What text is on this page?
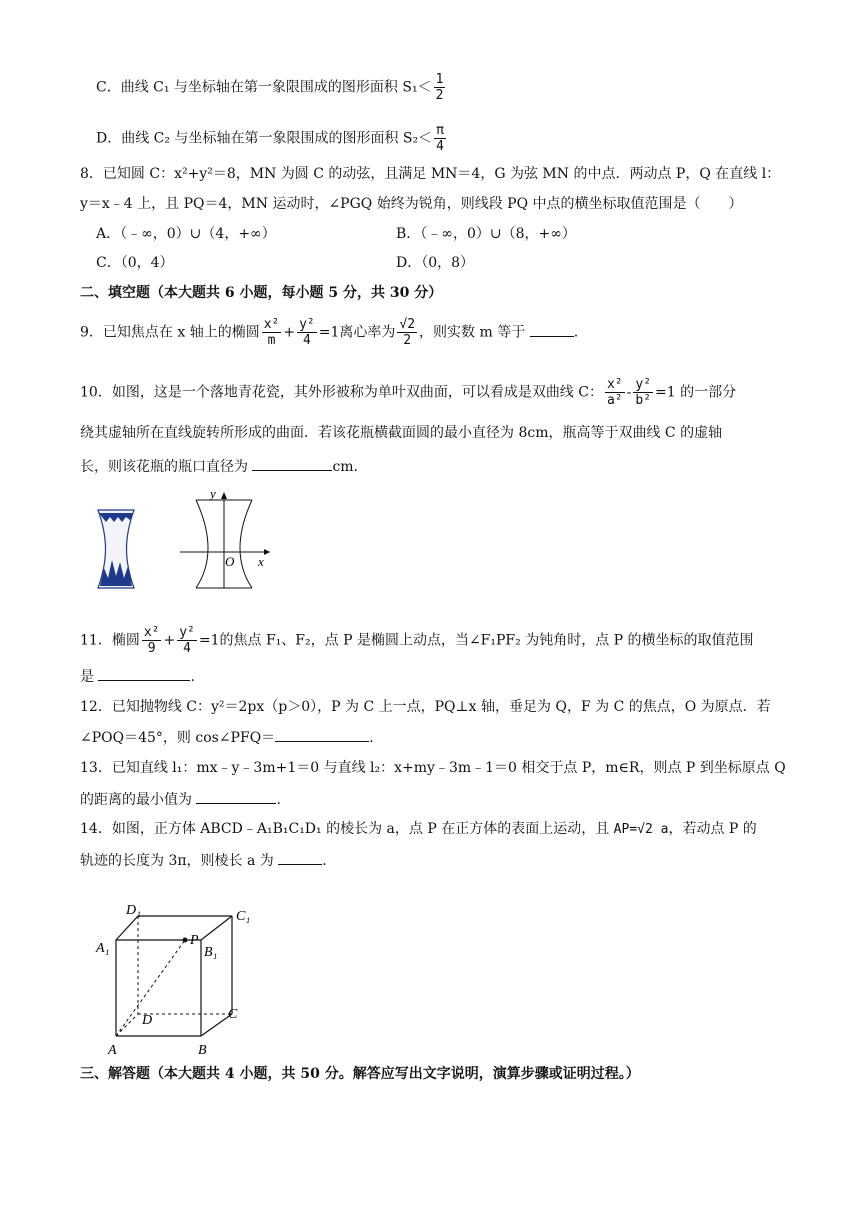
C．曲线 C₁ 与坐标轴在第一象限围成的图形面积 $S_1< \frac{1}{2}$
D．曲线 C₂ 与坐标轴在第一象限围成的图形面积 $S_2< \frac{\pi}{4}$
8．已知圆 C：x²+y²＝8，MN 为圆 C 的动弦，且满足 MN＝4，G 为弦 MN 的中点．两动点 P，Q 在直线 l：
y＝x﹣4 上，且 PQ＝4，MN 运动时，∠PGQ 始终为锐角，则线段 PQ 中点的横坐标取值范围是（　　）
A．（﹣∞，0）∪（4，+∞）	B．（﹣∞，0）∪（8，+∞）
C．（0，4）	D．（0，8）
二、填空题（本大题共 6 小题，每小题 5 分，共 30 分）
9．已知焦点在 x 轴上的椭圆 $\frac{\text{x²}}{m} + \frac{\text{y²}}{4} =1$离心率为 $\frac{√2}{2}$ ，则实数 m 等于	.
10．如图，这是一个落地青花瓷，其外形被称为单叶双曲面，可以看成是双曲线 C： $\frac{\text{x²}}{\text{a²}} - \frac{\text{y²}}{\text{b²}} =1$ 的一部分
绕其虚轴所在直线旋转所形成的曲面．若该花瓶横截面圆的最小直径为 8cm，瓶高等于双曲线 C 的虚轴
长，则该花瓶的瓶口直径为	cm．
y
O x
11．椭圆 $\frac{\text{x²}}{9} + \frac{\text{y²}}{4} =1$的焦点 F₁、F₂，点 P 是椭圆上动点，当∠F₁PF₂ 为钝角时，点 P 的横坐标的取值范围
是	.
12．已知抛物线 C：y²＝2px（p＞0），P 为 C 上一点，PQ⊥x 轴，垂足为 Q，F 为 C 的焦点，O 为原点．若
∠POQ＝45°，则 cos∠PFQ＝	.
13．已知直线 l₁：mx﹣y﹣3m+1＝0 与直线 l₂：x+my﹣3m﹣1＝0 相交于点 P，m∈R，则点 P 到坐标原点 Q
的距离的最小值为	.
14．如图，正方体 ABCD﹣A₁B₁C₁D₁ 的棱长为 a，点 P 在正方体的表面上运动，且 AP=√2 a，若动点 P 的
轨迹的长度为 3π，则棱长 a 为	.
D₁	C₁
A₁	B₁
P
D	C
A	B
三、解答题（本大题共 4 小题，共 50 分。解答应写出文字说明，演算步骤或证明过程。）
